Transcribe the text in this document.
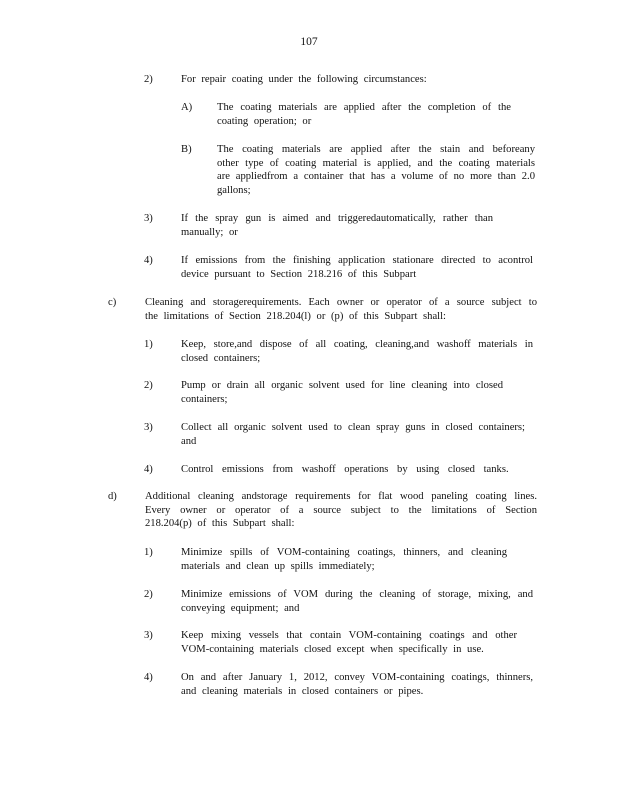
107
2)	For repair coating under the following circumstances:
A) The coating materials are applied after the completion of the coating operation; or
B) The coating materials are applied after the stain and beforeany other type of coating material is applied, and the coating materials are appliedfrom a container that has a volume of no more than 2.0 gallons;
3)	If the spray gun is aimed and triggeredautomatically, rather than manually; or
4)	If emissions from the finishing application stationare directed to acontrol device pursuant to Section 218.216 of this Subpart
c)	Cleaning and storagerequirements. Each owner or operator of a source subject to the limitations of Section 218.204(l) or (p) of this Subpart shall:
1)	Keep, store,and dispose of all coating, cleaning,and washoff materials in closed containers;
2)	Pump or drain all organic solvent used for line cleaning into closed containers;
3)	Collect all organic solvent used to clean spray guns in closed containers; and
4)	Control emissions from washoff operations by using closed tanks.
d)	Additional cleaning andstorage requirements for flat wood paneling coating lines. Every owner or operator of a source subject to the limitations of Section 218.204(p) of this Subpart shall:
1)	Minimize spills of VOM-containing coatings, thinners, and cleaning materials and clean up spills immediately;
2)	Minimize emissions of VOM during the cleaning of storage, mixing, and conveying equipment; and
3)	Keep mixing vessels that contain VOM-containing coatings and other VOM-containing materials closed except when specifically in use.
4)	On and after January 1, 2012, convey VOM-containing coatings, thinners, and cleaning materials in closed containers or pipes.
